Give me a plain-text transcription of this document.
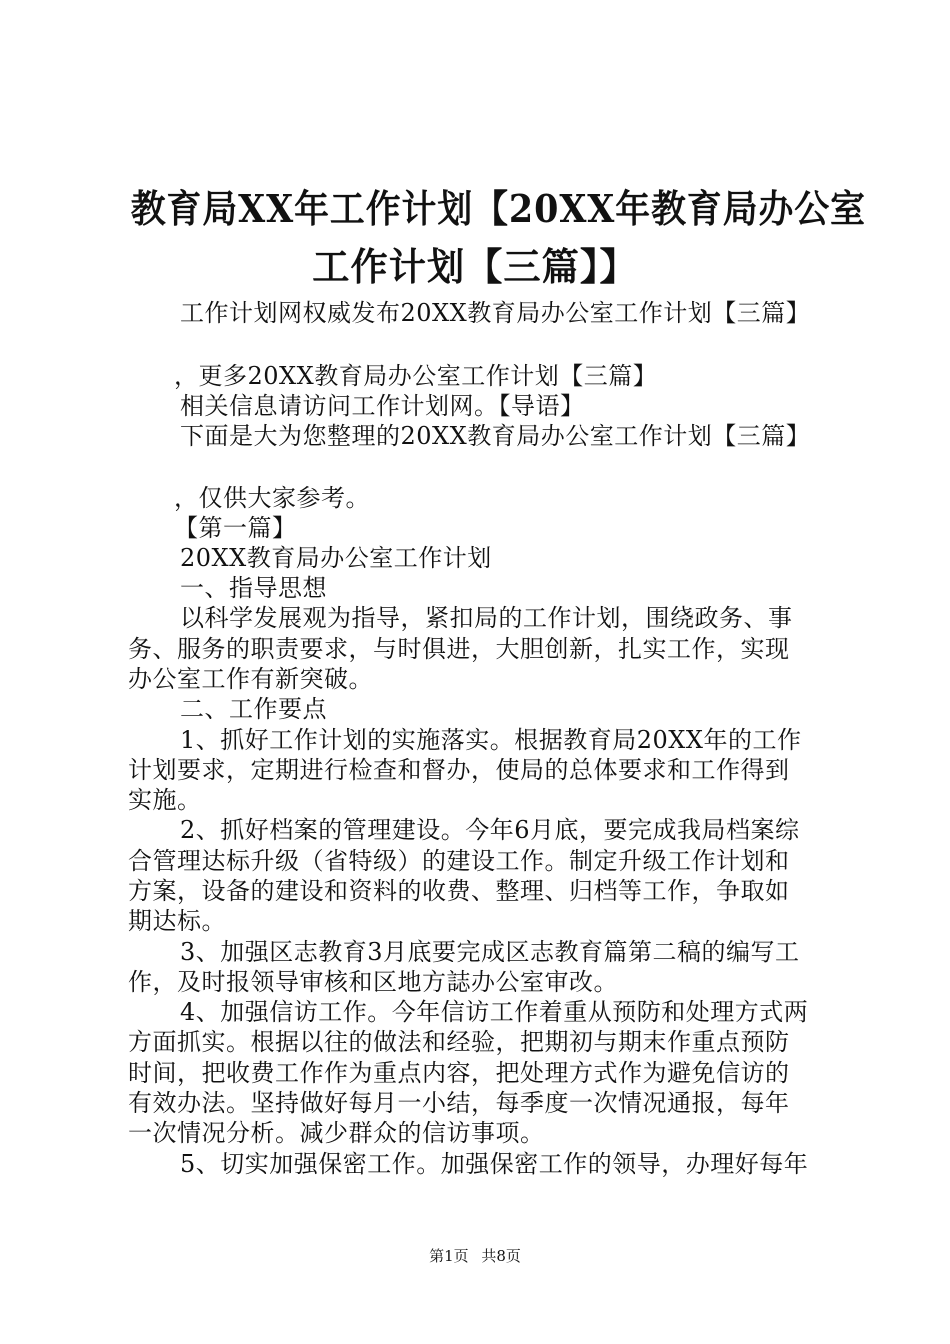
教育局XX年工作计划【20XX年教育局办公室
工作计划【三篇】】
工作计划网权威发布20XX教育局办公室工作计划【三篇】
，更多20XX教育局办公室工作计划【三篇】
相关信息请访问工作计划网。【导语】
下面是大为您整理的20XX教育局办公室工作计划【三篇】
，仅供大家参考。
【第一篇】
20XX教育局办公室工作计划
一、指导思想
以科学发展观为指导，紧扣局的工作计划，围绕政务、事
务、服务的职责要求，与时俱进，大胆创新，扎实工作，实现
办公室工作有新突破。
二、工作要点
1、抓好工作计划的实施落实。根据教育局20XX年的工作
计划要求，定期进行检查和督办，使局的总体要求和工作得到
实施。
2、抓好档案的管理建设。今年6月底，要完成我局档案综
合管理达标升级（省特级）的建设工作。制定升级工作计划和
方案，设备的建设和资料的收费、整理、归档等工作，争取如
期达标。
3、加强区志教育3月底要完成区志教育篇第二稿的编写工
作，及时报领导审核和区地方誌办公室审改。
4、加强信访工作。今年信访工作着重从预防和处理方式两
方面抓实。根据以往的做法和经验，把期初与期末作重点预防
时间，把收费工作作为重点内容，把处理方式作为避免信访的
有效办法。坚持做好每月一小结，每季度一次情况通报，每年
一次情况分析。减少群众的信访事项。
5、切实加强保密工作。加强保密工作的领导，办理好每年
第1页 共8页
